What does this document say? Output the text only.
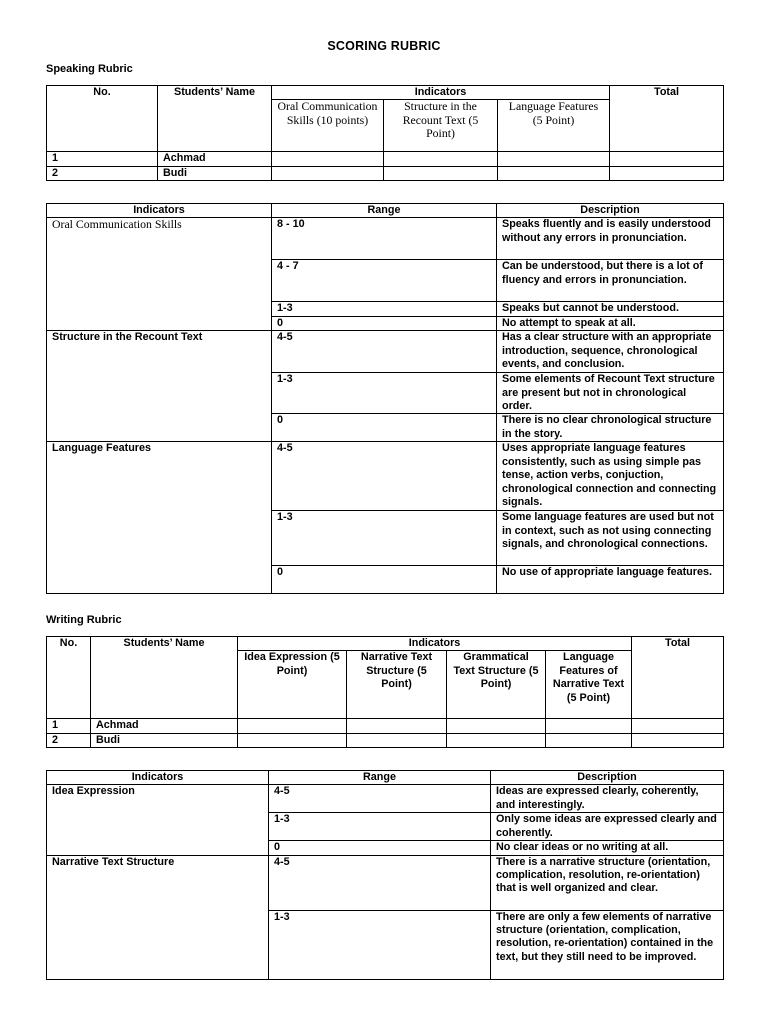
SCORING RUBRIC
Speaking Rubric
No.	Students’ Name	Indicators			Total
		Oral Communication Skills (10 points)	Structure in the Recount Text (5 Point)	Language Features (5 Point)	
1	Achmad				
2	Budi				
Indicators	Range	Description
Oral Communication Skills	8 - 10	Speaks fluently and is easily understood without any errors in pronunciation.
	4 - 7	Can be understood, but there is a lot of fluency and errors in pronunciation.
	1-3	Speaks but cannot be understood.
	0	No attempt to speak at all.
Structure in the Recount Text	4-5	Has a clear structure with an appropriate introduction, sequence, chronological events, and conclusion.
	1-3	Some elements of Recount Text structure are present but not in chronological order.
	0	There is no clear chronological structure in the story.
Language Features	4-5	Uses appropriate language features consistently, such as using simple pas tense, action verbs, conjuction, chronological connection and connecting signals.
	1-3	Some language features are used but not in context, such as not using connecting signals, and chronological connections.
	0	No use of appropriate language features.
Writing Rubric
No.	Students’ Name	Indicators				Total
		Idea Expression (5 Point)	Narrative Text Structure (5 Point)	Grammatical Text Structure (5 Point)	Language Features of Narrative Text (5 Point)	
1	Achmad					
2	Budi					
Indicators	Range	Description
Idea Expression	4-5	Ideas are expressed clearly, coherently, and interestingly.
	1-3	Only some ideas are expressed clearly and coherently.
	0	No clear ideas or no writing at all.
Narrative Text Structure	4-5	There is a narrative structure (orientation, complication, resolution, re-orientation) that is well organized and clear.
	1-3	There are only a few elements of narrative structure (orientation, complication, resolution, re-orientation) contained in the text, but they still need to be improved.
